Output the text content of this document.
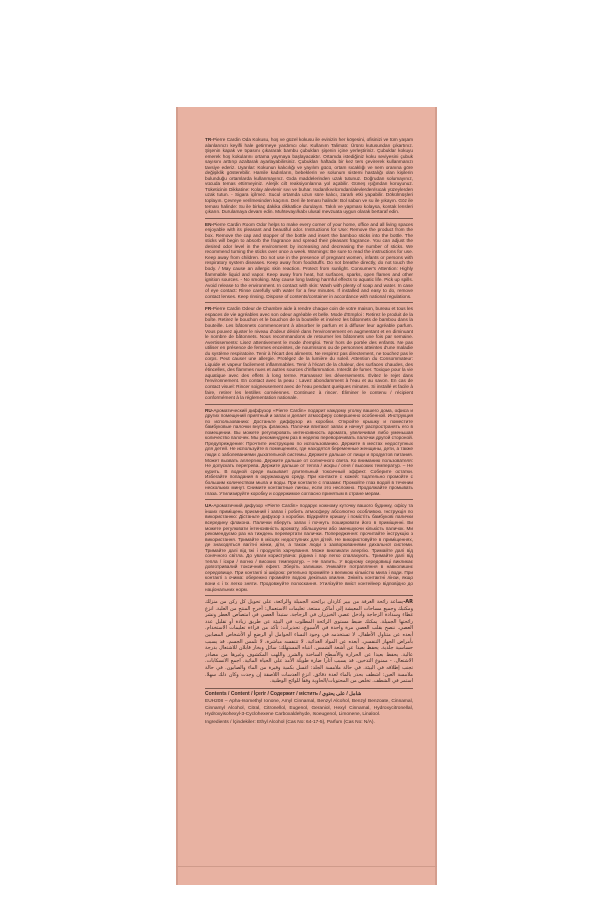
TR-Pierre Cardin Oda Kokusu, hoş ve güzel kokusu ile evinizin her köşesini, ofisinizi ve tüm yaşam alanlarınızı keyifli hale getirmeye yardımcı olur. Kullanım Talimatı: Ürünü kutusundan çıkartınız. Şişenin kapak ve tıpasını çıkararak bambu çubukları şişenin içine yerleştiriniz. Çubuklar kokuyu emerek hoş kokularını ortama yaymaya başlayacaktır. Ortamda istediğiniz koku seviyesini çubuk sayısını arttırıp azaltarak ayarlayabilirsiniz. Çubukları haftada bir kez ters çevirerek kullanmanızı tavsiye ederiz. Uyarılar: Kokunun kalıcılığı ve yayılım gücü, ortam sıcaklığı ve nem oranına göre değişiklik gösterebilir. Hamile kadınların, bebeklerin ve solunum sistemi hastalığı olan kişilerin bulunduğu ortamlarda kullanmayınız. Gıda maddelerinden uzak tutunuz. Doğrudan solumayınız, vücuda temas ettirmeyiniz. Alerjik cilt reaksiyonlarına yol açabilir. Güneş ışığından koruyunuz. Tüketicinin Dikkatine: Kolay alevlenir sıvı ve buhar. Isıdan/kıvılcımdan/alevlerden/sıcak yüzeylerden uzak tutun. - Sigara içilmez. Sucul ortamda uzun süre kalıcı, zararlı etki yapabilir. Dökülmüşleri toplayın. Çevreye verilmesinden kaçının. Deri ile teması halinde: Bol sabun ve su ile yıkayın. Göz ile teması halinde: Su ile birkaç dakika dikkatlice durulayın. Takılı ve yapması kolaysa, kontak lensleri çıkarın. Durulamaya devam edin. Muhtevayı/kabı ulusal mevzuata uygun olarak bertaraf edin.

EN-Pierre Cardin Room Odor helps to make every corner of your home, office and all living spaces enjoyable with its pleasant and beautiful odor. Instructions for Use: Remove the product from the box. Remove the cap and stopper of the bottle and insert the bamboo sticks into the bottle. The sticks will begin to absorb the fragrance and spread their pleasant fragrance. You can adjust the desired odor level in the environment by increasing and decreasing the number of sticks. We recommend turning the sticks over once a week. Warnings: Be sure to read the instructions for use. Keep away from children. Do not use in the presence of pregnant women, infants or persons with respiratory system diseases. Keep away from foodstuffs. Do not breathe directly, do not touch the body. / May cause an allergic skin reaction. Protect from sunlight. Consumer's Attention: Highly flammable liquid and vapor. Keep away from heat, hot surfaces, sparks, open flames and other ignition sources. - No smoking. May cause long lasting harmful effects to aquatic life. Pick up spills. Avoid release to the environment. In contact with skin: Wash with plenty of soap and water. In case of eye contact: Rinse carefully with water for a few minutes. If installed and easy to do, remove contact lenses. Keep rinsing. Dispose of contents/container in accordance with national regulations.

FR-Pierre Cardin Odeur de Chambre aide à rendre chaque coin de votre maison, bureau et tous les espaces de vie agréables avec son odeur agréable et belle. Mode d'Emploi : Retirez le produit de la boîte. Retirez le bouchon et le bouchon de la bouteille et insérez les bâtonnets de bambou dans la bouteille. Les bâtonnets commenceront à absorber le parfum et à diffuser leur agréable parfum. Vous pouvez ajuster le niveau d'odeur désiré dans l'environnement en augmentant et en diminuant le nombre de bâtonnets. Nous recommandons de retourner les bâtonnets une fois par semaine. Avertissements: Lisez attentivement le mode d'emploi. Tenir hors de portée des enfants. Ne pas utiliser en présence de femmes enceintes, de nourrissons ou de personnes atteintes d'une maladie du système respiratoire. Tenir à l'écart des aliments. Ne respirez pas directement, ne touchez pas le corps. Peut causer une allergie. Protégez de la lumière du soleil. Attention du Consommateur: Liquide et vapeur facilement inflammables. Tenir à l'écart de la chaleur, des surfaces chaudes, des étincelles, des flammes nues et autres sources d'inflammation. Interdit de fumer. Toxique pour la vie aquatique avec des effets à long terme. Ramassez les déversements. Évitez le rejet dans l'environnement. En contact avec la peau : Lavez abondamment à l'eau et au savon. En cas de contact visuel: Rincer soigneusement avec de l'eau pendant quelques minutes. Si installé et facile à faire, retirer les lentilles cornéennes. Continuez à rincer. Éliminer le contenu / récipient conformément à la réglementation nationale.

RU-Ароматический диффузор «Pierre Cardin» подарит каждому уголку вашего дома, офиса и других помещений приятный и запах и делает атмосферу совершенно особенной. Инструкция по использованию: Достаньте диффузор из коробки. Откройте крышку и поместите бамбуковые палочки внутрь флакона. Палочки впитают запах и начнут распространять его в помещении. Вы можете регулировать интенсивность аромата, увеличивая либо уменьшая количество палочек. Мы рекомендуем раз в неделю переворачивать палочки другой стороной. Предупреждение: Прочтите инструкцию по использованию. Держите в местах недоступных для детей. Не используйте в помещениях, где находятся беременные женщины, дети, а также люди с заболеваниями дыхательной системы. Держите дальше от пищи и продуктов питания. Может вызвать аллергию. Держите дальше от солнечного света. Ко вниманию пользователя: Не допускать перегрева. Держите дальше от тепла / искры / огня / высоких температур. – Не курить. В водной среде вызывает длительный токсичный эффект. Соберите остатки. Избегайте попадания в окружающую среду. При контакте с кожей: тщательно промойте с большим количеством мыла и воды. При контакте с глазами: Промойте глаз водой в течении нескольких минут. Снимите контактные линзы, если это несложно. Продолжайте промывать глаза. Утилизируйте коробку и содержимое согласно принятым в стране мерам.

UA-Ароматичний дифузор «Pierre Cardin» подарує кожному куточку вашого будинку, офісу та інших приміщень приємний і запах і робить атмосферу абсолютно особливою. Інструкція по використанню: Дістаньте дифузор з коробки. Відкрийте кришку і помістіть бамбукові палички всередину флакона. Палички вберуть запах і почнуть поширювати його в приміщенні. Ви можете регулювати інтенсивність аромату, збільшуючи або зменшуючи кількість паличок. Ми рекомендуємо раз на тиждень перевертати палички. Попередження: прочитайте інструкцію з використання. Тримайте в місцях недоступних для дітей. Не використовуйте в приміщеннях, де знаходяться вагітні жінки, діти, а також люди з захворюваннями дихальної системи. Тримайте далі від їжі і продуктів харчування. Може викликати алергію. Тримайте далі від сонячного світла. До уваги користувача: рідина і пар легко спалахують. Тримайте далі від тепла / іскри / вогню / високих температур. – Не палить. У водному середовищі викликає довготривалий токсичний ефект. Зберіть залишки. Уникайте потрапляння в навколишнє середовище. При контакті зі шкірою: ретельно промийте з великою кількістю мила і води. При контакті з очима: обережно промийте водою декілька хвилин. Зніміть контактні лінзи, якщо вони є і їх легко зняти. Продовжуйте полоскання. Утилізуйте вміст контейнер відповідно до національних норм.

AR-يساعد رائحة الغرفة من بيير كاردان برائحته الجميلة والرائعة، على تحويل كل ركن من منزلك ومكتبك وجميع مساحات المعيشة إلى أماكن ممتعة. تعليمات الاستعمال: أخرج المنتج من العلبة. انزع غطاء وسدادة الزجاجة وأدخل عصي الخيزران في الزجاجة. ستبدأ العصي في امتصاص العطر ونشر رائحتها الجميلة. يمكنك ضبط مستوى الرائحة المطلوب في البيئة عن طريق زيادة أو تقليل عدد العصي. ننصح بقلب العصي مرة واحدة في الأسبوع. تحذيرات: تأكد من قراءة تعليمات الاستخدام. أبعده عن متناول الأطفال. لا تستخدمه في وجود النساء الحوامل أو الرضع أو الأشخاص المصابين بأمراض الجهاز التنفسي. أبعده عن المواد الغذائية. لا تتنفسه مباشرة، لا تلمس الجسم. قد يسبب حساسية جلدية. يحفظ بعيدا عن أشعة الشمس. انتباه المستهلك: سائل وبخار قابلان للاشتعال بدرجة عالية. يحفظ بعيدا عن الحرارة والأسطح الساخنة والشرر واللهب المكشوف وغيرها من مصادر الاشتعال. - ممنوع التدخين. قد يسبب آثارا ضارة طويلة الأمد على الحياة المائية. اجمع الانسكابات. تجنب إطلاقه في البيئة. في حالة ملامسة الجلد: اغسل بكمية وفيرة من الماء والصابون. في حالة ملامسة العين: اشطف بحذر بالماء لعدة دقائق. انزع العدسات اللاصقة إن وجدت وكان ذلك سهلا. استمر في الشطف. تخلص من المحتويات/الحاوية وفقا للوائح الوطنية.

Contents / Content / İçerir / Содержит / містить / شامل / على يحتوي

EUH208 – Apha-Isomethyl Ionone, Amyl Cinnamal, Benzyl Alcohol, Benzyl Benzoate, Cinnamal, Cinnamyl Alcohol, Citral, Citronellol, Eugenol, Geraniol, Hexyl Cinnamal, Hydroxycitronellal, Hydroxyisohexyl-3-Cyclohexene Carboxaldehyde, Isoeugenol, Limonene, Linalool.

Ingredients / İçindekiler: Ethyl Alcohol (Cas No: 64-17-5), Parfum (Cas No: N/A).
